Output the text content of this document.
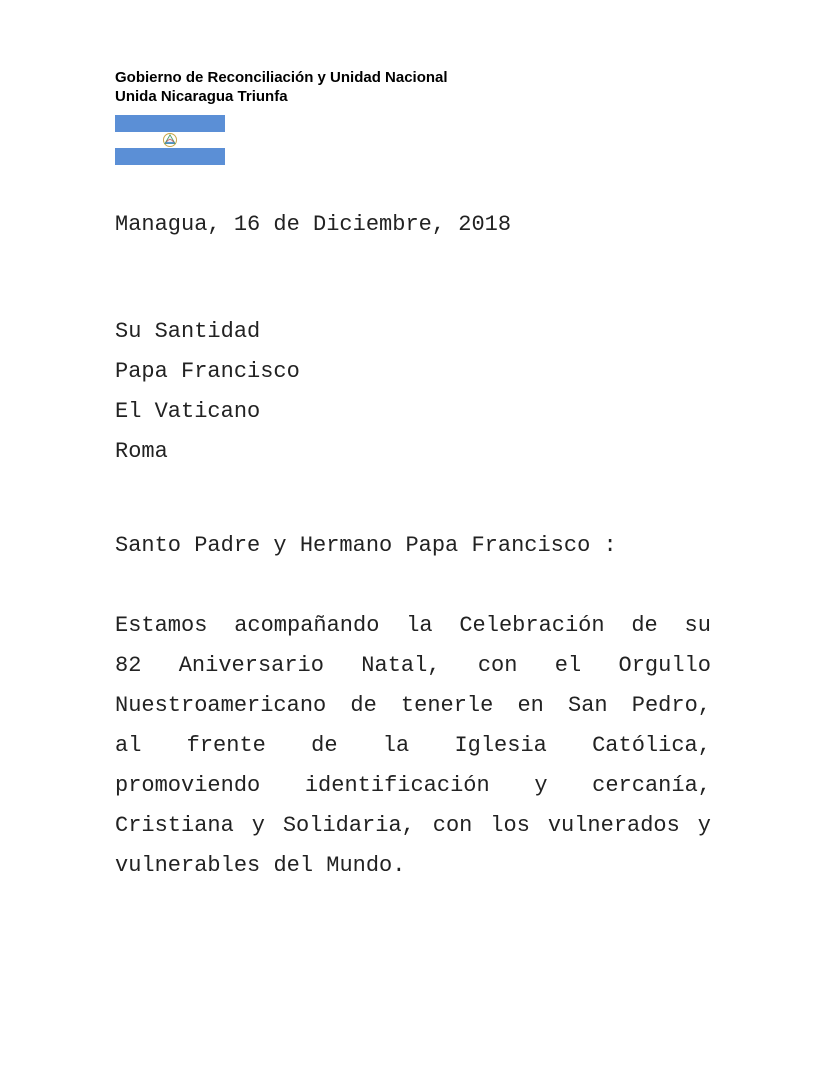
Gobierno de Reconciliación y Unidad Nacional
Unida Nicaragua Triunfa
Managua, 16 de Diciembre, 2018
Su Santidad
Papa Francisco
El Vaticano
Roma
Santo Padre y Hermano Papa Francisco :
Estamos acompañando la Celebración de su
82 Aniversario Natal, con el Orgullo
Nuestroamericano de tenerle en San Pedro,
al frente de la Iglesia Católica,
promoviendo identificación y cercanía,
Cristiana y Solidaria, con los vulnerados y
vulnerables del Mundo.
